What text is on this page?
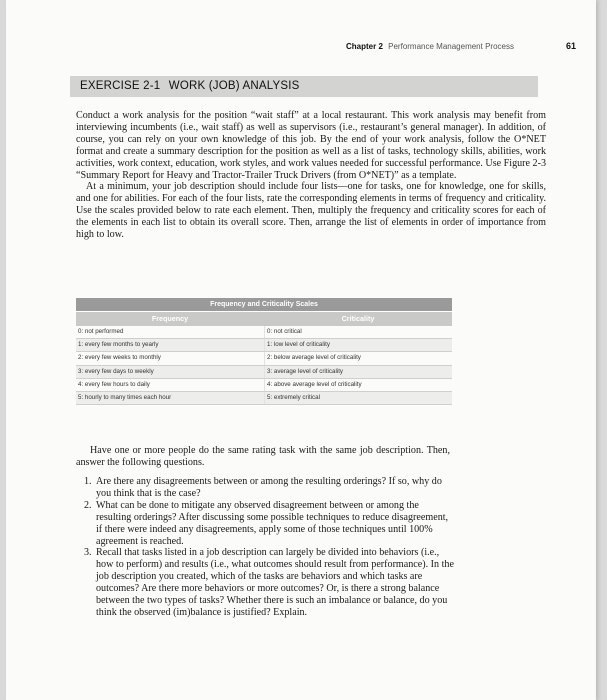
Chapter 2 Performance Management Process	61
EXERCISE 2-1 WORK (JOB) ANALYSIS

Conduct a work analysis for the position “wait staff” at a local restaurant. This work analysis may benefit from interviewing incumbents (i.e., wait staff) as well as supervisors (i.e., restaurant’s general manager). In addition, of course, you can rely on your own knowledge of this job. By the end of your work analysis, follow the O*NET format and create a summary description for the position as well as a list of tasks, technology skills, abilities, work activities, work context, education, work styles, and work values needed for successful performance. Use Figure 2-3 “Summary Report for Heavy and Tractor-Trailer Truck Drivers (from O*NET)” as a template.

At a minimum, your job description should include four lists—one for tasks, one for knowledge, one for skills, and one for abilities. For each of the four lists, rate the corresponding elements in terms of frequency and criticality. Use the scales provided below to rate each element. Then, multiply the frequency and criticality scores for each of the elements in each list to obtain its overall score. Then, arrange the list of elements in order of importance from high to low.

Frequency and Criticality Scales
Frequency	Criticality
0: not performed	0: not critical
1: every few months to yearly	1: low level of criticality
2: every few weeks to monthly	2: below average level of criticality
3: every few days to weekly	3: average level of criticality
4: every few hours to daily	4: above average level of criticality
5: hourly to many times each hour	5: extremely critical

Have one or more people do the same rating task with the same job description. Then, answer the following questions.

1. Are there any disagreements between or among the resulting orderings? If so, why do you think that is the case?
2. What can be done to mitigate any observed disagreement between or among the resulting orderings? After discussing some possible techniques to reduce disagreement, if there were indeed any disagreements, apply some of those techniques until 100% agreement is reached.
3. Recall that tasks listed in a job description can largely be divided into behaviors (i.e., how to perform) and results (i.e., what outcomes should result from performance). In the job description you created, which of the tasks are behaviors and which tasks are outcomes? Are there more behaviors or more outcomes? Or, is there a strong balance between the two types of tasks? Whether there is such an imbalance or balance, do you think the observed (im)balance is justified? Explain.
